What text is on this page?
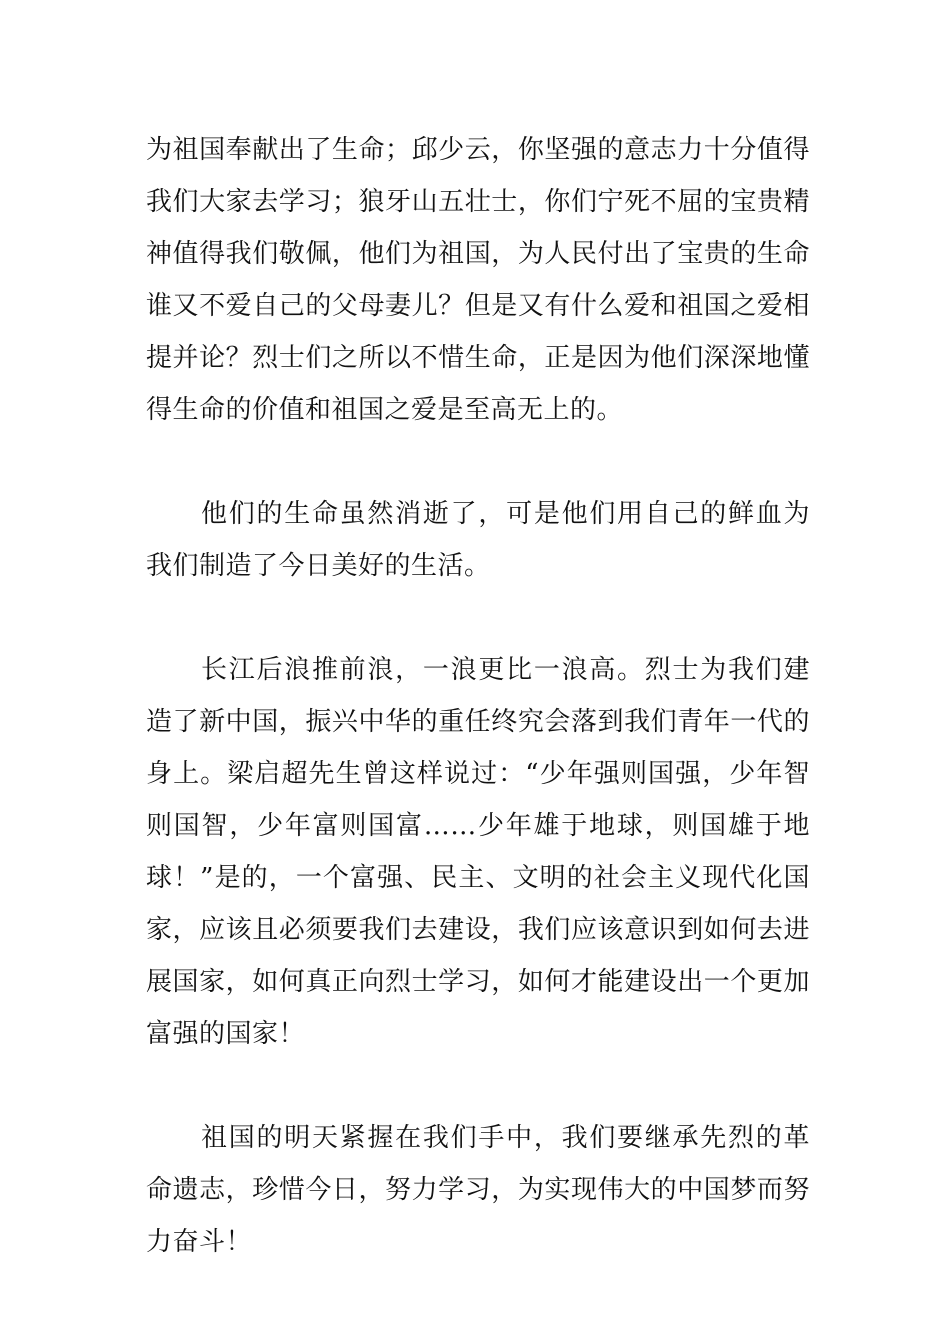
为祖国奉献出了生命；邱少云，你坚强的意志力十分值得我们大家去学习；狼牙山五壮士，你们宁死不屈的宝贵精神值得我们敬佩，他们为祖国，为人民付出了宝贵的生命谁又不爱自己的父母妻儿？但是又有什么爱和祖国之爱相提并论？烈士们之所以不惜生命，正是因为他们深深地懂得生命的价值和祖国之爱是至高无上的。

他们的生命虽然消逝了，可是他们用自己的鲜血为我们制造了今日美好的生活。

长江后浪推前浪，一浪更比一浪高。烈士为我们建造了新中国，振兴中华的重任终究会落到我们青年一代的身上。梁启超先生曾这样说过：“少年强则国强，少年智则国智，少年富则国富……少年雄于地球，则国雄于地球！”是的，一个富强、民主、文明的社会主义现代化国家，应该且必须要我们去建设，我们应该意识到如何去进展国家，如何真正向烈士学习，如何才能建设出一个更加富强的国家！

祖国的明天紧握在我们手中，我们要继承先烈的革命遗志，珍惜今日，努力学习，为实现伟大的中国梦而努力奋斗！
